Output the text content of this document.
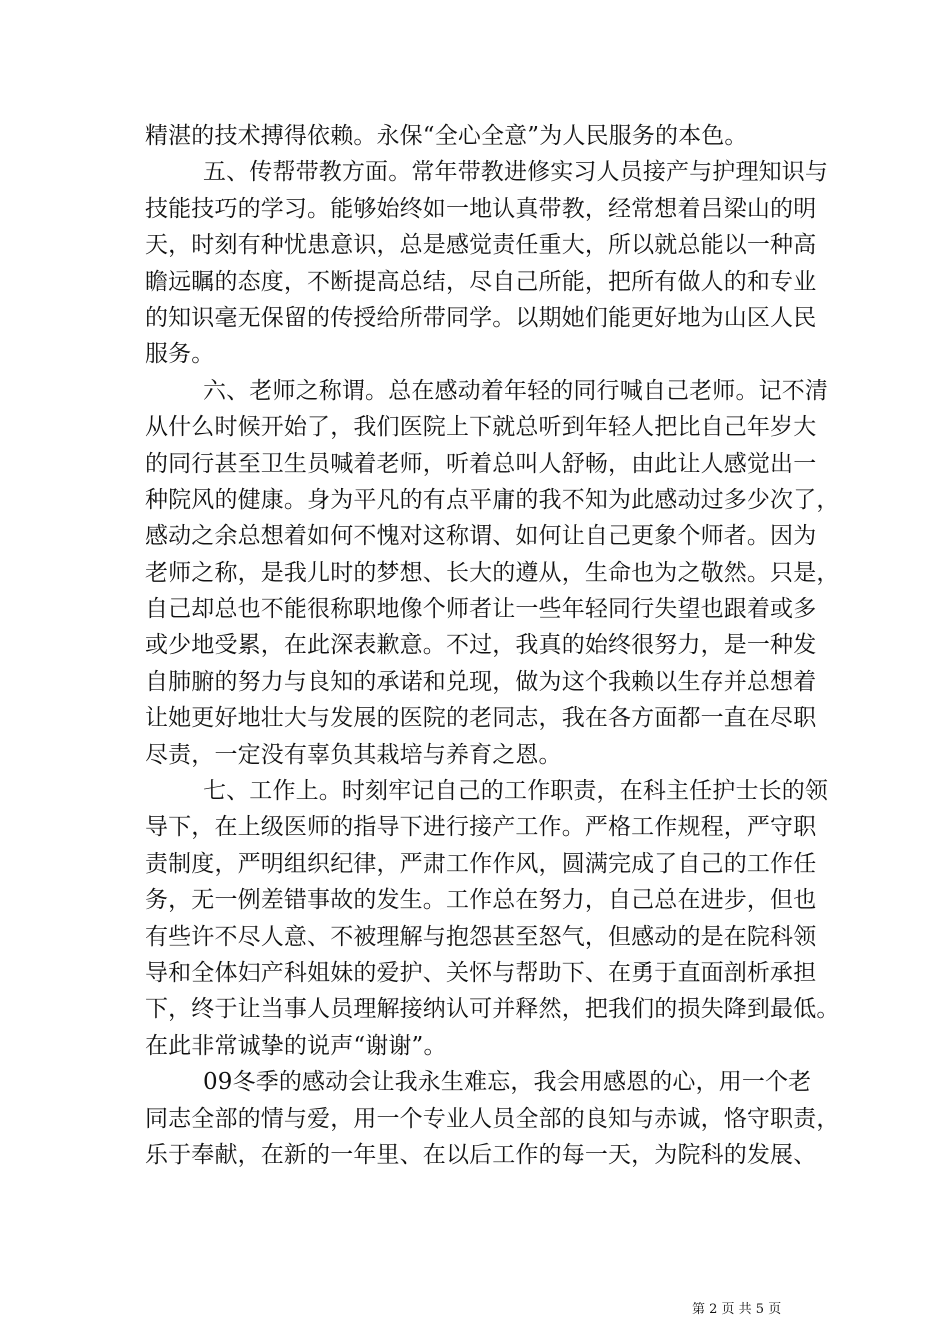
精湛的技术搏得依赖。永保“全心全意”为人民服务的本色。
五、传帮带教方面。常年带教进修实习人员接产与护理知识与
技能技巧的学习。能够始终如一地认真带教，经常想着吕梁山的明
天，时刻有种忧患意识，总是感觉责任重大，所以就总能以一种高
瞻远瞩的态度，不断提高总结，尽自己所能，把所有做人的和专业
的知识毫无保留的传授给所带同学。以期她们能更好地为山区人民
服务。
六、老师之称谓。总在感动着年轻的同行喊自己老师。记不清
从什么时候开始了，我们医院上下就总听到年轻人把比自己年岁大
的同行甚至卫生员喊着老师，听着总叫人舒畅，由此让人感觉出一
种院风的健康。身为平凡的有点平庸的我不知为此感动过多少次了，
感动之余总想着如何不愧对这称谓、如何让自己更象个师者。因为
老师之称，是我儿时的梦想、长大的遵从，生命也为之敬然。只是，
自己却总也不能很称职地像个师者让一些年轻同行失望也跟着或多
或少地受累，在此深表歉意。不过，我真的始终很努力，是一种发
自肺腑的努力与良知的承诺和兑现，做为这个我赖以生存并总想着
让她更好地壮大与发展的医院的老同志，我在各方面都一直在尽职
尽责，一定没有辜负其栽培与养育之恩。
七、工作上。时刻牢记自己的工作职责，在科主任护士长的领
导下，在上级医师的指导下进行接产工作。严格工作规程，严守职
责制度，严明组织纪律，严肃工作作风，圆满完成了自己的工作任
务，无一例差错事故的发生。工作总在努力，自己总在进步，但也
有些许不尽人意、不被理解与抱怨甚至怒气，但感动的是在院科领
导和全体妇产科姐妹的爱护、关怀与帮助下、在勇于直面剖析承担
下，终于让当事人员理解接纳认可并释然，把我们的损失降到最低。
在此非常诚挚的说声“谢谢”。
09冬季的感动会让我永生难忘，我会用感恩的心，用一个老
同志全部的情与爱，用一个专业人员全部的良知与赤诚，恪守职责，
乐于奉献，在新的一年里、在以后工作的每一天，为院科的发展、
第 2 页 共 5 页
